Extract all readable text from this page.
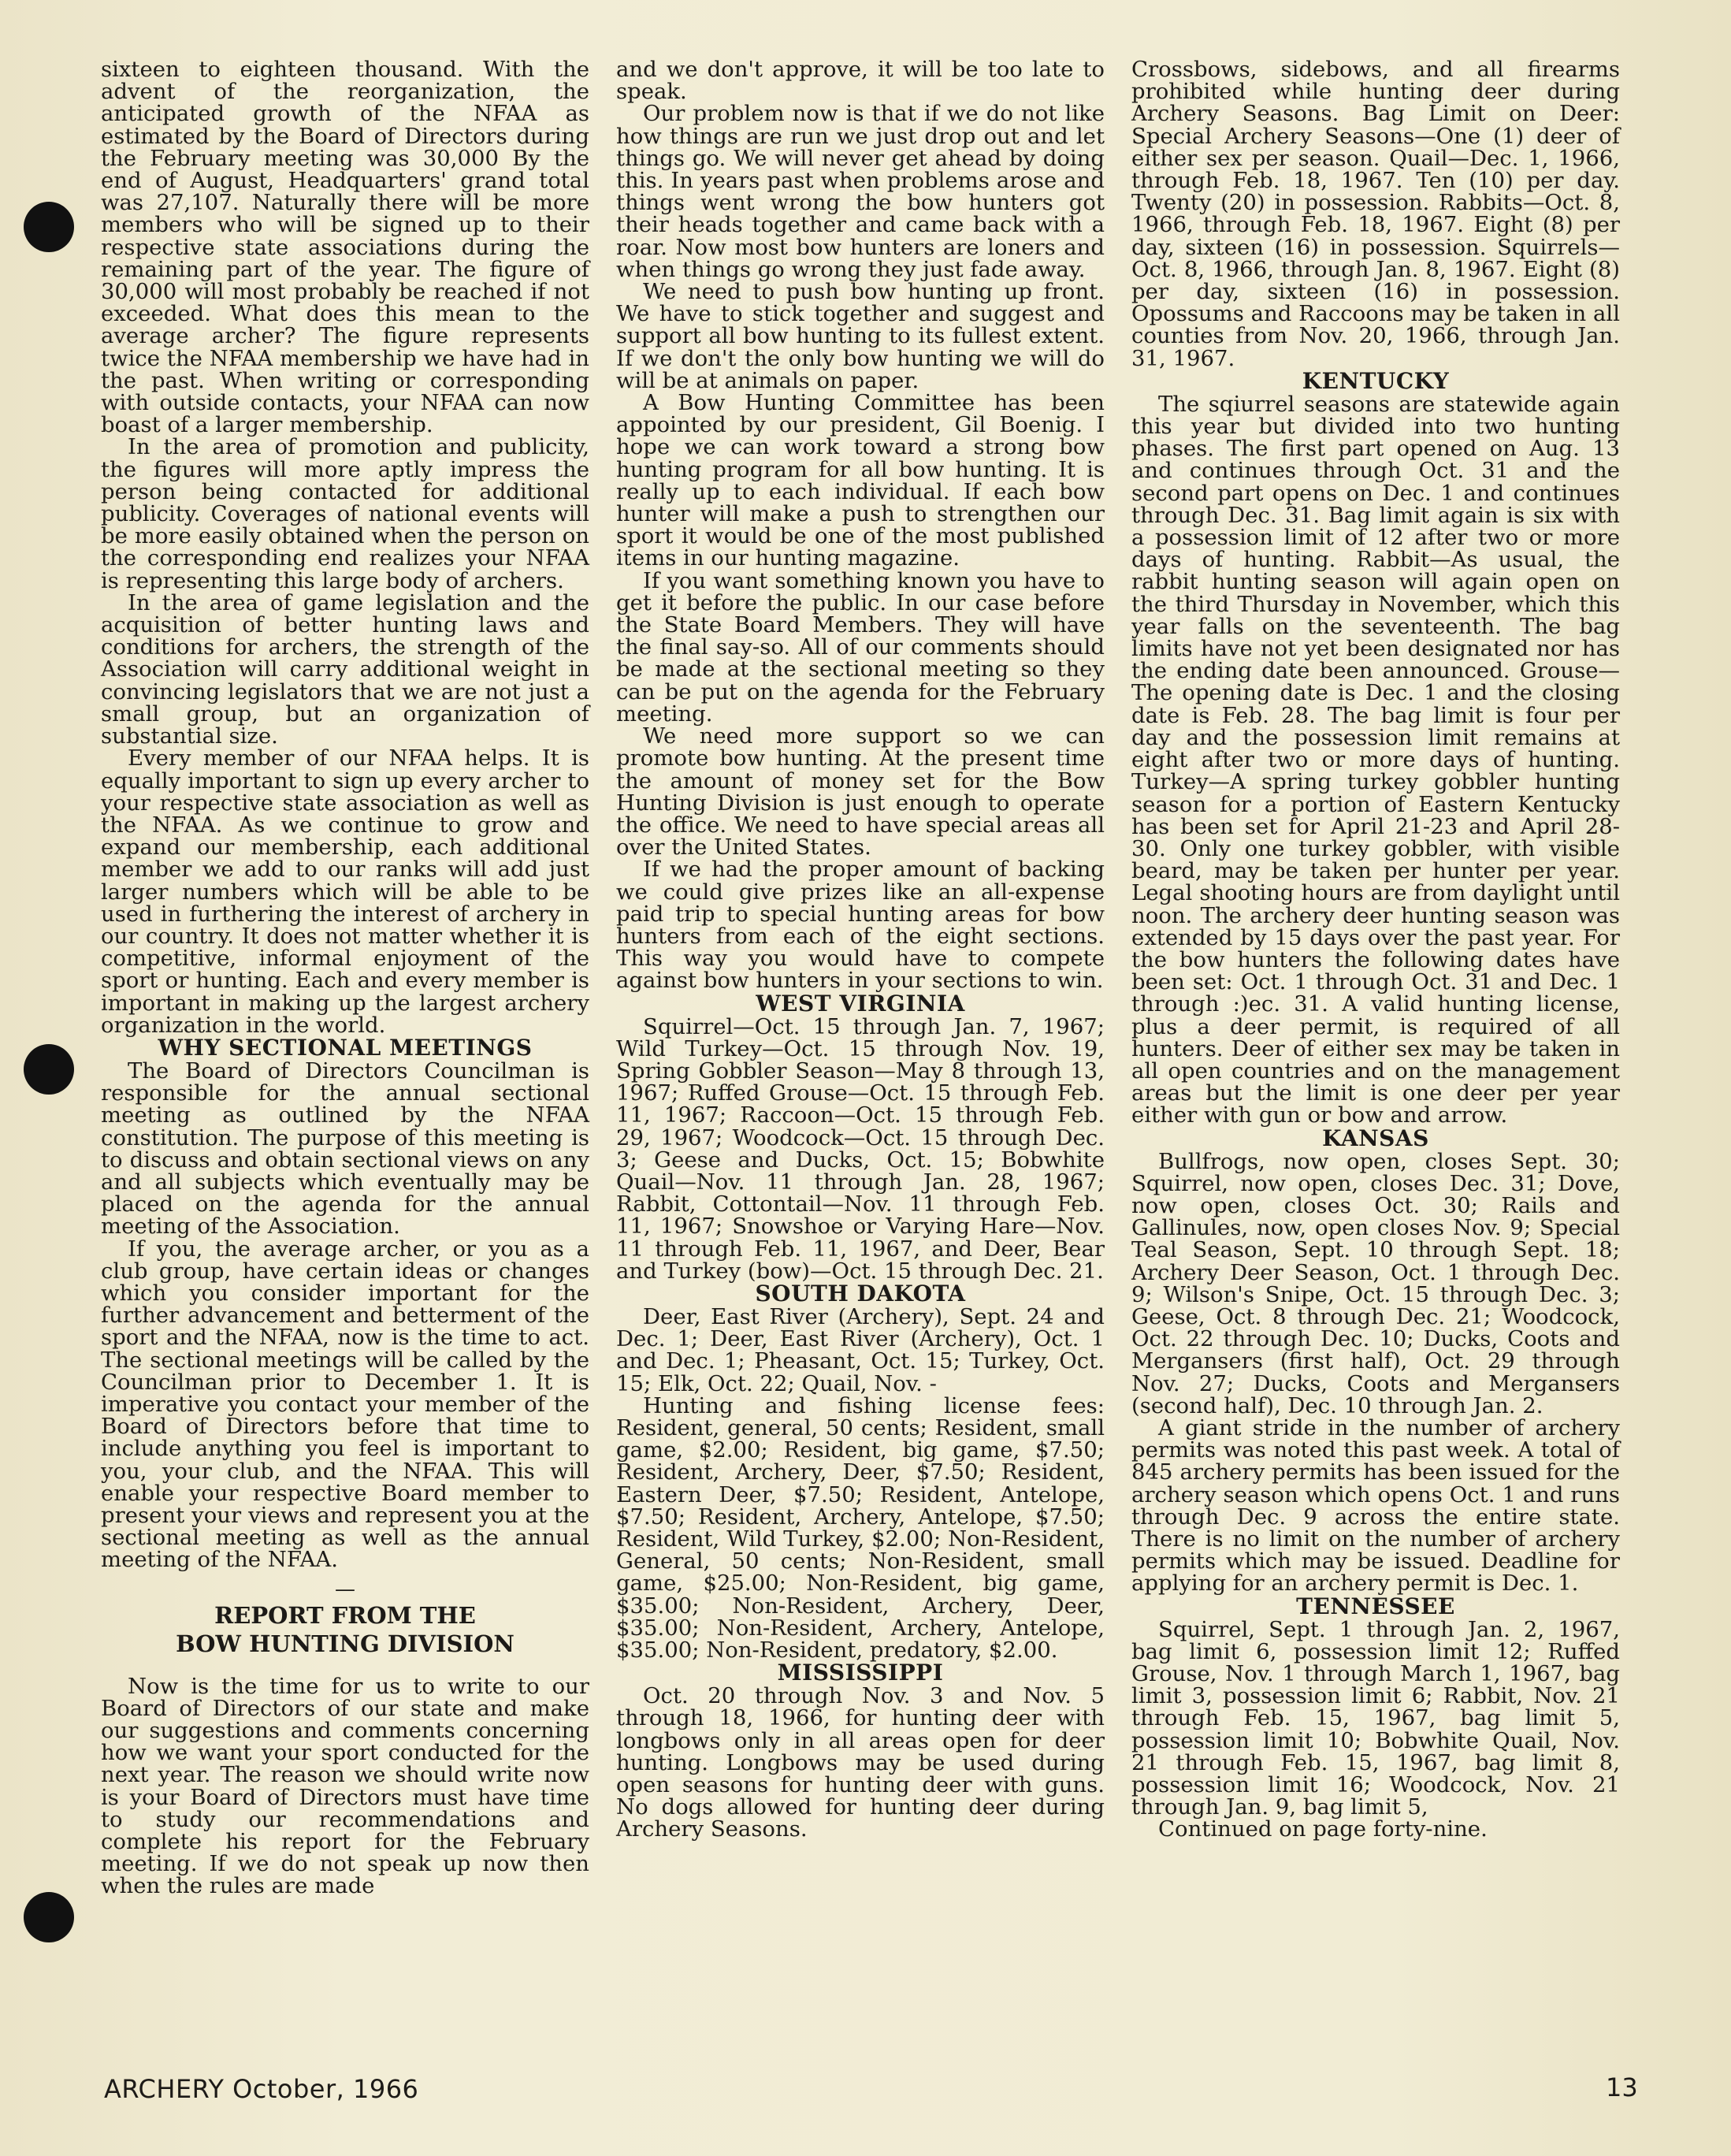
sixteen to eighteen thousand. With the advent of the reorganization, the anticipated growth of the NFAA as estimated by the Board of Directors during the February meeting was 30,000 By the end of August, Headquarters' grand total was 27,107. Naturally there will be more members who will be signed up to their respective state associations during the remaining part of the year. The figure of 30,000 will most probably be reached if not exceeded. What does this mean to the average archer? The figure represents twice the NFAA membership we have had in the past. When writing or corresponding with outside contacts, your NFAA can now boast of a larger membership.

In the area of promotion and publicity, the figures will more aptly impress the person being contacted for additional publicity. Coverages of national events will be more easily obtained when the person on the corresponding end realizes your NFAA is representing this large body of archers.

In the area of game legislation and the acquisition of better hunting laws and conditions for archers, the strength of the Association will carry additional weight in convincing legislators that we are not just a small group, but an organization of substantial size.

Every member of our NFAA helps. It is equally important to sign up every archer to your respective state association as well as the NFAA. As we continue to grow and expand our membership, each additional member we add to our ranks will add just larger numbers which will be able to be used in furthering the interest of archery in our country. It does not matter whether it is competitive, informal enjoyment of the sport or hunting. Each and every member is important in making up the largest archery organization in the world.

WHY SECTIONAL MEETINGS

The Board of Directors Councilman is responsible for the annual sectional meeting as outlined by the NFAA constitution. The purpose of this meeting is to discuss and obtain sectional views on any and all subjects which eventually may be placed on the agenda for the annual meeting of the Association.

If you, the average archer, or you as a club group, have certain ideas or changes which you consider important for the further advancement and betterment of the sport and the NFAA, now is the time to act. The sectional meetings will be called by the Councilman prior to December 1. It is imperative you contact your member of the Board of Directors before that time to include anything you feel is important to you, your club, and the NFAA. This will enable your respective Board member to present your views and represent you at the sectional meeting as well as the annual meeting of the NFAA.

—
REPORT FROM THE
BOW HUNTING DIVISION

Now is the time for us to write to our Board of Directors of our state and make our suggestions and comments concerning how we want your sport conducted for the next year. The reason we should write now is your Board of Directors must have time to study our recommendations and complete his report for the February meeting. If we do not speak up now then when the rules are made

and we don't approve, it will be too late to speak.

Our problem now is that if we do not like how things are run we just drop out and let things go. We will never get ahead by doing this. In years past when problems arose and things went wrong the bow hunters got their heads together and came back with a roar. Now most bow hunters are loners and when things go wrong they just fade away.

We need to push bow hunting up front. We have to stick together and suggest and support all bow hunting to its fullest extent. If we don't the only bow hunting we will do will be at animals on paper.

A Bow Hunting Committee has been appointed by our president, Gil Boenig. I hope we can work toward a strong bow hunting program for all bow hunting. It is really up to each individual. If each bow hunter will make a push to strengthen our sport it would be one of the most published items in our hunting magazine.

If you want something known you have to get it before the public. In our case before the State Board Members. They will have the final say-so. All of our comments should be made at the sectional meeting so they can be put on the agenda for the February meeting.

We need more support so we can promote bow hunting. At the present time the amount of money set for the Bow Hunting Division is just enough to operate the office. We need to have special areas all over the United States.

If we had the proper amount of backing we could give prizes like an all-expense paid trip to special hunting areas for bow hunters from each of the eight sections. This way you would have to compete against bow hunters in your sections to win.

WEST VIRGINIA

Squirrel—Oct. 15 through Jan. 7, 1967; Wild Turkey—Oct. 15 through Nov. 19, Spring Gobbler Season—May 8 through 13, 1967; Ruffed Grouse—Oct. 15 through Feb. 11, 1967; Raccoon—Oct. 15 through Feb. 29, 1967; Woodcock—Oct. 15 through Dec. 3; Geese and Ducks, Oct. 15; Bobwhite Quail—Nov. 11 through Jan. 28, 1967; Rabbit, Cottontail—Nov. 11 through Feb. 11, 1967; Snowshoe or Varying Hare—Nov. 11 through Feb. 11, 1967, and Deer, Bear and Turkey (bow)—Oct. 15 through Dec. 21.

SOUTH DAKOTA

Deer, East River (Archery), Sept. 24 and Dec. 1; Deer, East River (Archery), Oct. 1 and Dec. 1; Pheasant, Oct. 15; Turkey, Oct. 15; Elk, Oct. 22; Quail, Nov. -

Hunting and fishing license fees: Resident, general, 50 cents; Resident, small game, $2.00; Resident, big game, $7.50; Resident, Archery, Deer, $7.50; Resident, Eastern Deer, $7.50; Resident, Antelope, $7.50; Resident, Archery, Antelope, $7.50; Resident, Wild Turkey, $2.00; Non-Resident, General, 50 cents; Non-Resident, small game, $25.00; Non-Resident, big game, $35.00; Non-Resident, Archery, Deer, $35.00; Non-Resident, Archery, Antelope, $35.00; Non-Resident, predatory, $2.00.

MISSISSIPPI

Oct. 20 through Nov. 3 and Nov. 5 through 18, 1966, for hunting deer with longbows only in all areas open for deer hunting. Longbows may be used during open seasons for hunting deer with guns. No dogs allowed for hunting deer during Archery Seasons.

Crossbows, sidebows, and all firearms prohibited while hunting deer during Archery Seasons. Bag Limit on Deer: Special Archery Seasons—One (1) deer of either sex per season. Quail—Dec. 1, 1966, through Feb. 18, 1967. Ten (10) per day. Twenty (20) in possession. Rabbits—Oct. 8, 1966, through Feb. 18, 1967. Eight (8) per day, sixteen (16) in possession. Squirrels—Oct. 8, 1966, through Jan. 8, 1967. Eight (8) per day, sixteen (16) in possession. Opossums and Raccoons may be taken in all counties from Nov. 20, 1966, through Jan. 31, 1967.

KENTUCKY

The sqiurrel seasons are statewide again this year but divided into two hunting phases. The first part opened on Aug. 13 and continues through Oct. 31 and the second part opens on Dec. 1 and continues through Dec. 31. Bag limit again is six with a possession limit of 12 after two or more days of hunting. Rabbit—As usual, the rabbit hunting season will again open on the third Thursday in November, which this year falls on the seventeenth. The bag limits have not yet been designated nor has the ending date been announced. Grouse—The opening date is Dec. 1 and the closing date is Feb. 28. The bag limit is four per day and the possession limit remains at eight after two or more days of hunting. Turkey—A spring turkey gobbler hunting season for a portion of Eastern Kentucky has been set for April 21-23 and April 28-30. Only one turkey gobbler, with visible beard, may be taken per hunter per year. Legal shooting hours are from daylight until noon. The archery deer hunting season was extended by 15 days over the past year. For the bow hunters the following dates have been set: Oct. 1 through Oct. 31 and Dec. 1 through :)ec. 31. A valid hunting license, plus a deer permit, is required of all hunters. Deer of either sex may be taken in all open countries and on the management areas but the limit is one deer per year either with gun or bow and arrow.

KANSAS

Bullfrogs, now open, closes Sept. 30; Squirrel, now open, closes Dec. 31; Dove, now open, closes Oct. 30; Rails and Gallinules, now, open closes Nov. 9; Special Teal Season, Sept. 10 through Sept. 18; Archery Deer Season, Oct. 1 through Dec. 9; Wilson's Snipe, Oct. 15 through Dec. 3; Geese, Oct. 8 through Dec. 21; Woodcock, Oct. 22 through Dec. 10; Ducks, Coots and Mergansers (first half), Oct. 29 through Nov. 27; Ducks, Coots and Mergansers (second half), Dec. 10 through Jan. 2.

A giant stride in the number of archery permits was noted this past week. A total of 845 archery permits has been issued for the archery season which opens Oct. 1 and runs through Dec. 9 across the entire state. There is no limit on the number of archery permits which may be issued. Deadline for applying for an archery permit is Dec. 1.

TENNESSEE

Squirrel, Sept. 1 through Jan. 2, 1967, bag limit 6, possession limit 12; Ruffed Grouse, Nov. 1 through March 1, 1967, bag limit 3, possession limit 6; Rabbit, Nov. 21 through Feb. 15, 1967, bag limit 5, possession limit 10; Bobwhite Quail, Nov. 21 through Feb. 15, 1967, bag limit 8, possession limit 16; Woodcock, Nov. 21 through Jan. 9, bag limit 5,

Continued on page forty-nine.

ARCHERY October, 1966	13
